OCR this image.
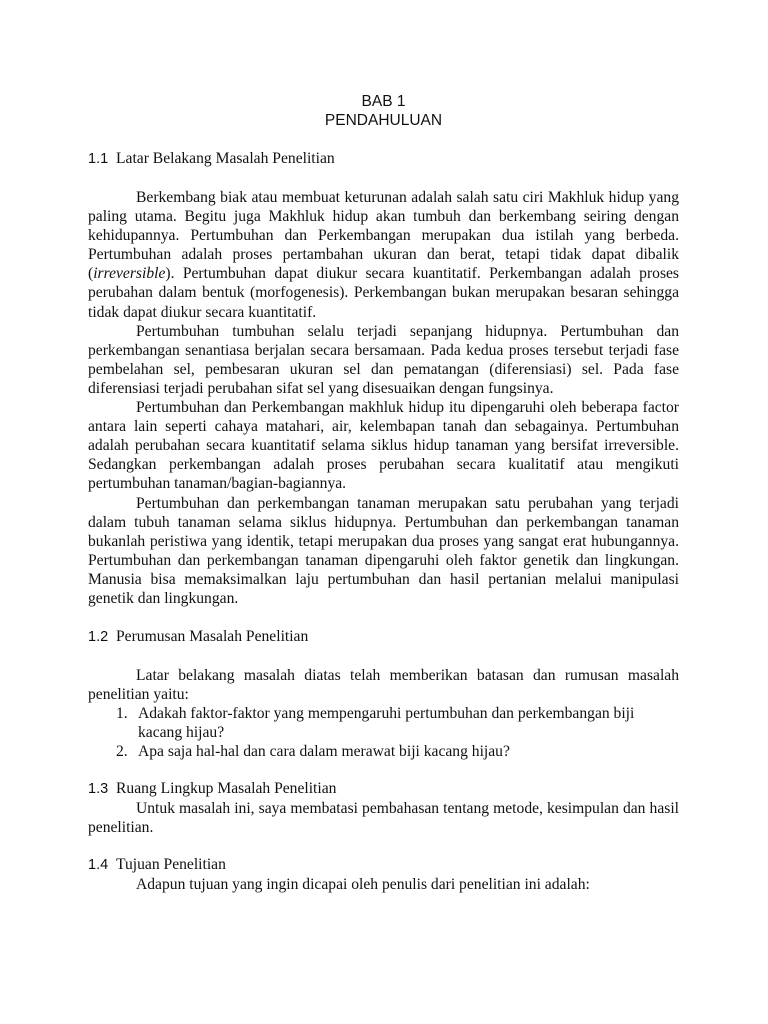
BAB 1
PENDAHULUAN
1.1 Latar Belakang Masalah Penelitian

Berkembang biak atau membuat keturunan adalah salah satu ciri Makhluk hidup yang paling utama. Begitu juga Makhluk hidup akan tumbuh dan berkembang seiring dengan kehidupannya. Pertumbuhan dan Perkembangan merupakan dua istilah yang berbeda. Pertumbuhan adalah proses pertambahan ukuran dan berat, tetapi tidak dapat dibalik (irreversible). Pertumbuhan dapat diukur secara kuantitatif. Perkembangan adalah proses perubahan dalam bentuk (morfogenesis). Perkembangan bukan merupakan besaran sehingga tidak dapat diukur secara kuantitatif.

Pertumbuhan tumbuhan selalu terjadi sepanjang hidupnya. Pertumbuhan dan perkembangan senantiasa berjalan secara bersamaan. Pada kedua proses tersebut terjadi fase pembelahan sel, pembesaran ukuran sel dan pematangan (diferensiasi) sel. Pada fase diferensiasi terjadi perubahan sifat sel yang disesuaikan dengan fungsinya.

Pertumbuhan dan Perkembangan makhluk hidup itu dipengaruhi oleh beberapa factor antara lain seperti cahaya matahari, air, kelembapan tanah dan sebagainya. Pertumbuhan adalah perubahan secara kuantitatif selama siklus hidup tanaman yang bersifat irreversible. Sedangkan perkembangan adalah proses perubahan secara kualitatif atau mengikuti pertumbuhan tanaman/bagian-bagiannya.

Pertumbuhan dan perkembangan tanaman merupakan satu perubahan yang terjadi dalam tubuh tanaman selama siklus hidupnya. Pertumbuhan dan perkembangan tanaman bukanlah peristiwa yang identik, tetapi merupakan dua proses yang sangat erat hubungannya. Pertumbuhan dan perkembangan tanaman dipengaruhi oleh faktor genetik dan lingkungan. Manusia bisa memaksimalkan laju pertumbuhan dan hasil pertanian melalui manipulasi genetik dan lingkungan.

1.2 Perumusan Masalah Penelitian

Latar belakang masalah diatas telah memberikan batasan dan rumusan masalah penelitian yaitu:

1. Adakah faktor-faktor yang mempengaruhi pertumbuhan dan perkembangan biji kacang hijau?
2. Apa saja hal-hal dan cara dalam merawat biji kacang hijau?
1.3 Ruang Lingkup Masalah Penelitian

Untuk masalah ini, saya membatasi pembahasan tentang metode, kesimpulan dan hasil penelitian.

1.4 Tujuan Penelitian

Adapun tujuan yang ingin dicapai oleh penulis dari penelitian ini adalah:
